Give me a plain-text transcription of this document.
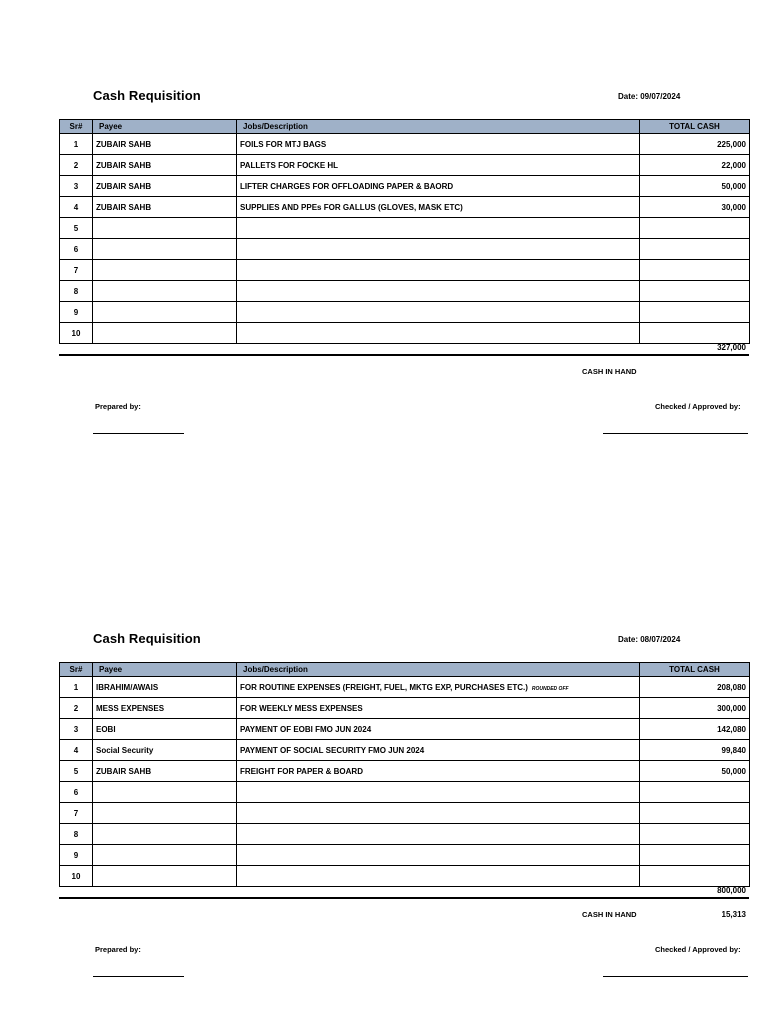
Cash Requisition	Date: 09/07/2024
Sr#	Payee	Jobs/Description	TOTAL CASH
1	ZUBAIR SAHB	FOILS FOR MTJ BAGS	225,000
2	ZUBAIR SAHB	PALLETS FOR FOCKE HL	22,000
3	ZUBAIR SAHB	LIFTER CHARGES FOR OFFLOADING PAPER & BAORD	50,000
4	ZUBAIR SAHB	SUPPLIES AND PPEs FOR GALLUS (GLOVES, MASK ETC)	30,000
5			
6			
7			
8			
9			
10			
327,000
CASH IN HAND
Prepared by:	Checked / Approved by:
Cash Requisition	Date: 08/07/2024
Sr#	Payee	Jobs/Description	TOTAL CASH
1	IBRAHIM/AWAIS	FOR ROUTINE EXPENSES (FREIGHT, FUEL, MKTG EXP, PURCHASES ETC.) ROUNDED OFF	208,080
2	MESS EXPENSES	FOR WEEKLY MESS EXPENSES	300,000
3	EOBI	PAYMENT OF EOBI FMO JUN 2024	142,080
4	Social Security	PAYMENT OF SOCIAL SECURITY FMO JUN 2024	99,840
5	ZUBAIR SAHB	FREIGHT FOR PAPER & BOARD	50,000
6			
7			
8			
9			
10			
800,000
CASH IN HAND	15,313
Prepared by:	Checked / Approved by:
